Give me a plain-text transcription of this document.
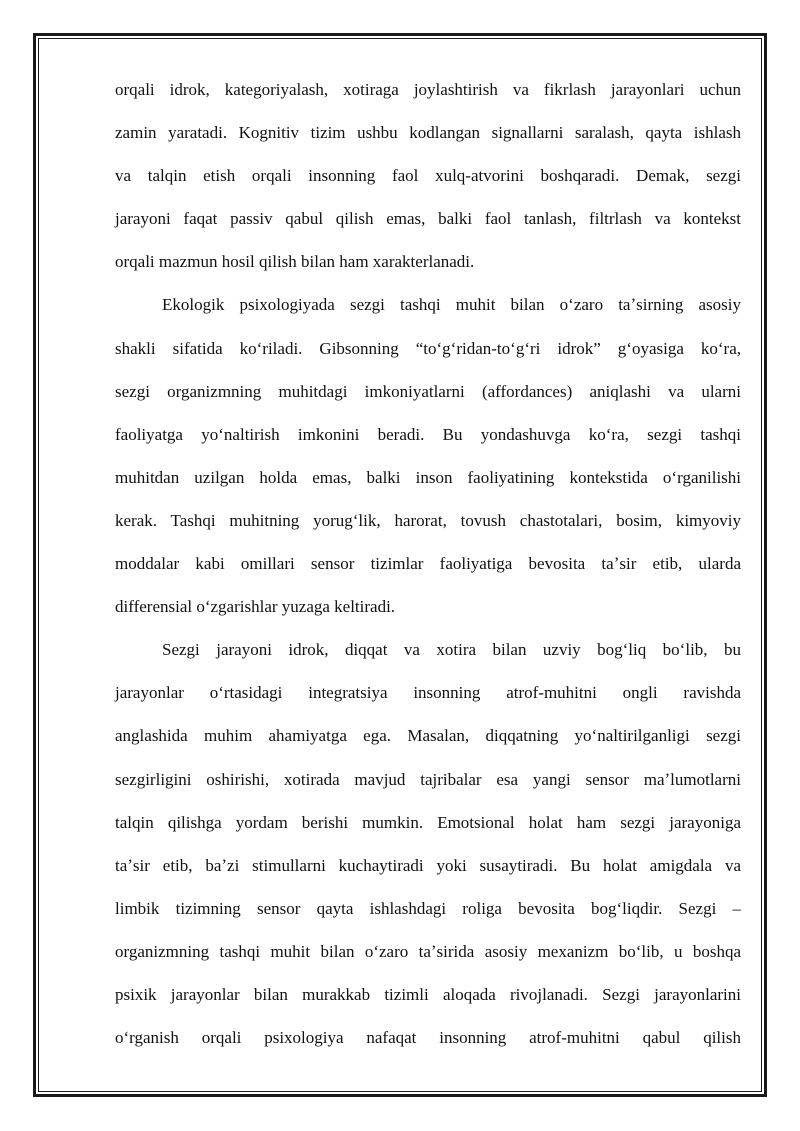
orqali idrok, kategoriyalash, xotiraga joylashtirish va fikrlash jarayonlari uchun
zamin yaratadi. Kognitiv tizim ushbu kodlangan signallarni saralash, qayta ishlash
va talqin etish orqali insonning faol xulq-atvorini boshqaradi. Demak, sezgi
jarayoni faqat passiv qabul qilish emas, balki faol tanlash, filtrlash va kontekst
orqali mazmun hosil qilish bilan ham xarakterlanadi.
Ekologik psixologiyada sezgi tashqi muhit bilan oʻzaro taʼsirning asosiy
shakli sifatida koʻriladi. Gibsonning “toʻgʻridan-toʻgʻri idrok” gʻoyasiga koʻra,
sezgi organizmning muhitdagi imkoniyatlarni (affordances) aniqlashi va ularni
faoliyatga yoʻnaltirish imkonini beradi. Bu yondashuvga koʻra, sezgi tashqi
muhitdan uzilgan holda emas, balki inson faoliyatining kontekstida oʻrganilishi
kerak. Tashqi muhitning yorugʻlik, harorat, tovush chastotalari, bosim, kimyoviy
moddalar kabi omillari sensor tizimlar faoliyatiga bevosita taʼsir etib, ularda
differensial oʻzgarishlar yuzaga keltiradi.
Sezgi jarayoni idrok, diqqat va xotira bilan uzviy bogʻliq boʻlib, bu
jarayonlar oʻrtasidagi integratsiya insonning atrof-muhitni ongli ravishda
anglashida muhim ahamiyatga ega. Masalan, diqqatning yoʻnaltirilganligi sezgi
sezgirligini oshirishi, xotirada mavjud tajribalar esa yangi sensor maʼlumotlarni
talqin qilishga yordam berishi mumkin. Emotsional holat ham sezgi jarayoniga
taʼsir etib, baʼzi stimullarni kuchaytiradi yoki susaytiradi. Bu holat amigdala va
limbik tizimning sensor qayta ishlashdagi roliga bevosita bogʻliqdir. Sezgi –
organizmning tashqi muhit bilan oʻzaro taʼsirida asosiy mexanizm boʻlib, u boshqa
psixik jarayonlar bilan murakkab tizimli aloqada rivojlanadi. Sezgi jarayonlarini
oʻrganish orqali psixologiya nafaqat insonning atrof-muhitni qabul qilish
